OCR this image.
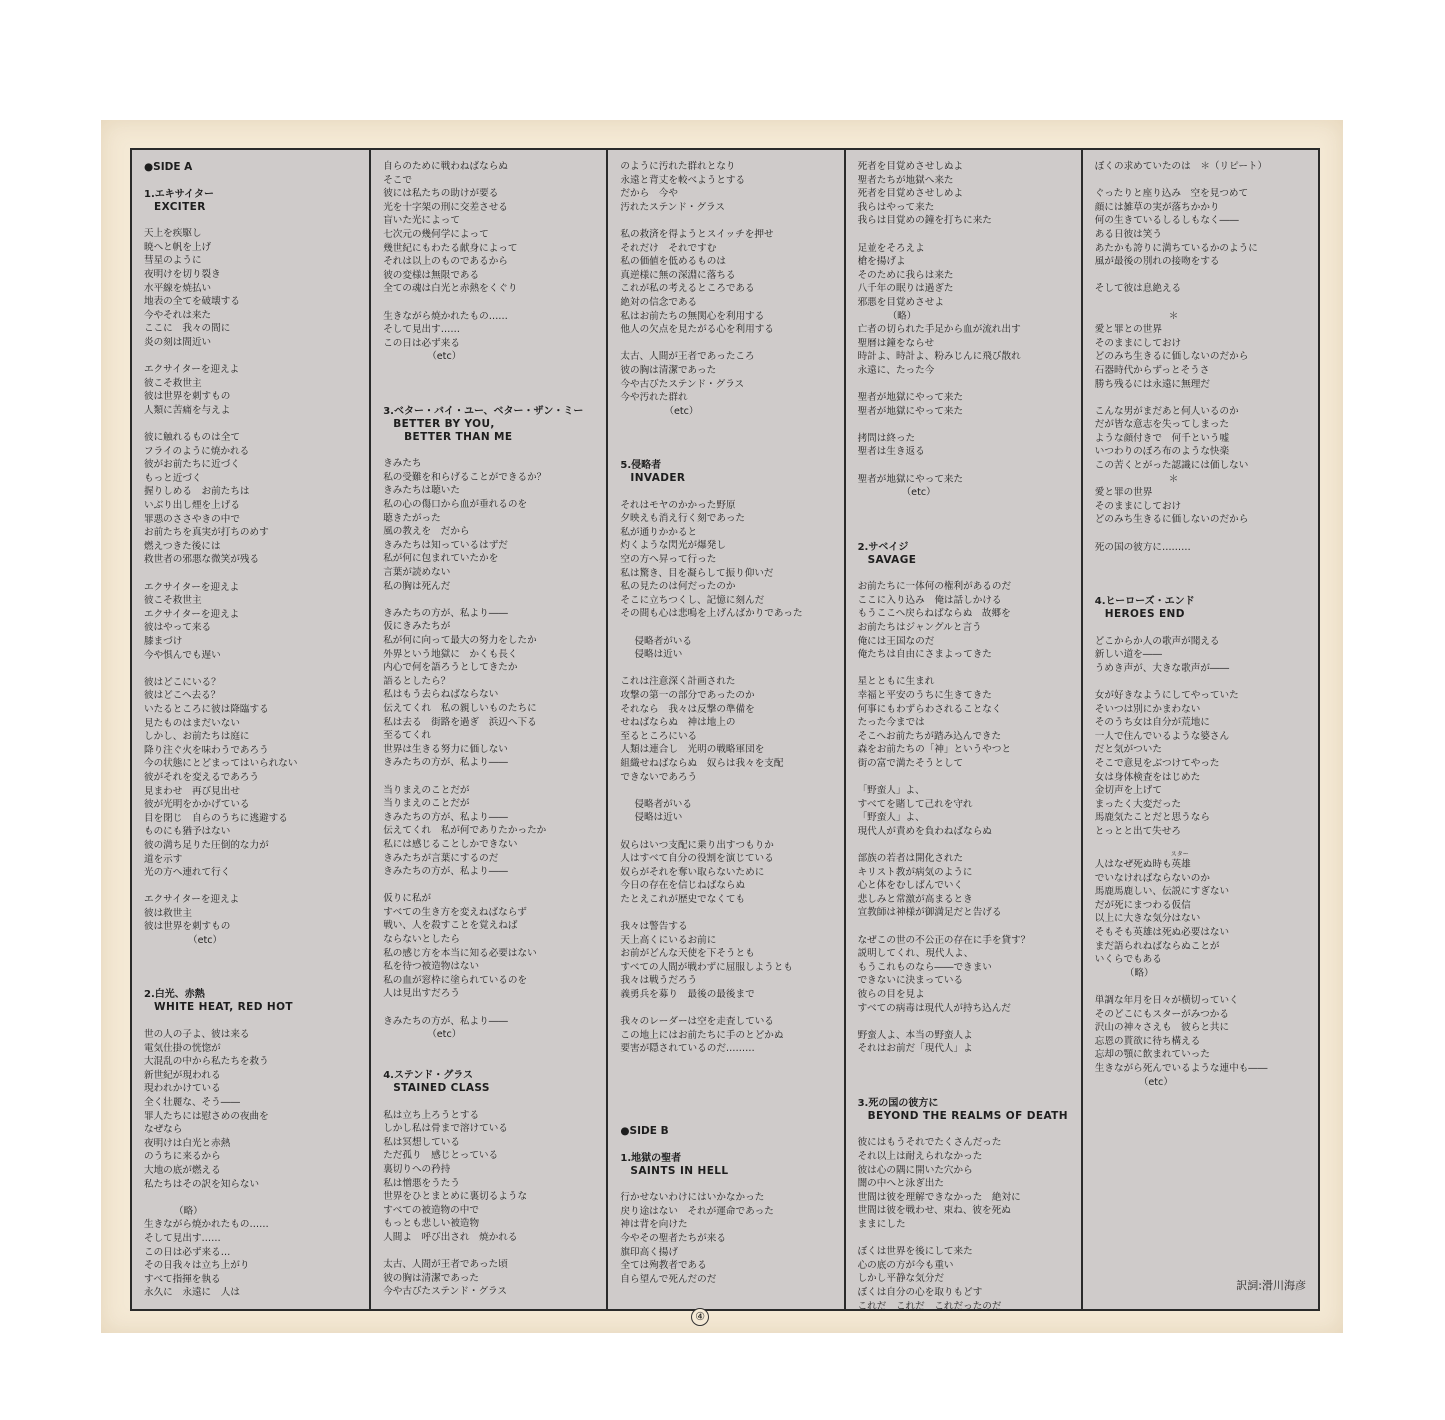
●SIDE A
1.エキサイター
EXCITER
天上を疾駆し
暁へと帆を上げ
彗星のように
夜明けを切り裂き
水平線を焼払い
地表の全てを破壊する
今やそれは来た
ここに　我々の間に
炎の刻は間近い
エクサイターを迎えよ
彼こそ救世主
彼は世界を刺すもの
人類に苦痛を与えよ
彼に触れるものは全て
フライのように焼かれる
彼がお前たちに近づく
もっと近づく
握りしめる　お前たちは
いぶり出し煙を上げる
罪悪のささやきの中で
お前たちを真実が打ちのめす
燃えつきた後には
救世者の邪悪な微笑が残る
エクサイターを迎えよ
彼こそ救世主
エクサイターを迎えよ
彼はやって来る
膝まづけ
今や惧んでも遅い
彼はどこにいる？
彼はどこへ去る？
いたるところに彼は降臨する
見たものはまだいない
しかし、お前たちは庭に
降り注ぐ火を味わうであろう
今の状態にとどまってはいられない
彼がそれを変えるであろう
見まわせ　再び見出せ
彼が光明をかかげている
目を閉じ　自らのうちに逃避する
ものにも猶予はない
彼の満ち足りた圧倒的な力が
道を示す
光の方へ連れて行く
エクサイターを迎えよ
彼は救世主
彼は世界を刺すもの
（etc）
2.白光、赤熱
WHITE HEAT, RED HOT
世の人の子よ、彼は来る
電気仕掛の恍惚が
大混乱の中から私たちを救う
新世紀が現われる
現われかけている
全く壮麗な、そう――
罪人たちには慰さめの夜曲を
なぜなら
夜明けは白光と赤熱
のうちに来るから
大地の底が燃える
私たちはその訳を知らない
（略）
生きながら焼かれたもの……
そして見出す……
この日は必ず来る…
その日我々は立ち上がり
すべて指揮を執る
永久に　永遠に　人は
自らのために戦わねばならぬ
そこで
彼には私たちの助けが要る
光を十字架の刑に交差させる
盲いた光によって
七次元の幾何学によって
幾世紀にもわたる献身によって
それは以上のものであるから
彼の変様は無限である
全ての魂は白光と赤熱をくぐり
生きながら焼かれたもの……
そして見出す……
この日は必ず来る
（etc）
3.ベター・バイ・ユー、ベター・ザン・ミー
BETTER BY YOU,
　BETTER THAN ME
きみたち
私の受難を和らげることができるか？
きみたちは聴いた
私の心の傷口から血が垂れるのを
聴きたがった
風の教えを　だから
きみたちは知っているはずだ
私が何に包まれていたかを
言葉が読めない
私の胸は死んだ
きみたちの方が、私より――
仮にきみたちが
私が何に向って最大の努力をしたか
外界という地獄に　かくも長く
内心で何を語ろうとしてきたか
語るとしたら？
私はもう去らねばならない
伝えてくれ　私の親しいものたちに
私は去る　街路を過ぎ　浜辺へ下る
至るてくれ
世界は生きる努力に価しない
きみたちの方が、私より――
当りまえのことだが
当りまえのことだが
きみたちの方が、私より――
伝えてくれ　私が何でありたかったか
私には感じることしかできない
きみたちが言葉にするのだ
きみたちの方が、私より――
仮りに私が
すべての生き方を変えねばならず
戦い、人を殺すことを覚えねば
ならないとしたら
私の感じ方を本当に知る必要はない
私を待つ被造物はない
私の血が窓枠に塗られているのを
人は見出すだろう
きみたちの方が、私より――
（etc）
4.ステンド・グラス
STAINED CLASS
私は立ち上ろうとする
しかし私は骨まで溶けている
私は冥想している
ただ孤り　感じとっている
裏切りへの矜持
私は憎悪をうたう
世界をひとまとめに裏切るような
すべての被造物の中で
もっとも悲しい被造物
人間よ　呼び出され　焼かれる
太古、人間が王者であった頃
彼の胸は清潔であった
今や古びたステンド・グラス
のように汚れた群れとなり
永遠と背丈を較べようとする
だから　今や
汚れたステンド・グラス
私の救済を得ようとスイッチを押せ
それだけ　それですむ
私の価値を低めるものは
真逆様に無の深淵に落ちる
これが私の考えるところである
絶対の信念である
私はお前たちの無関心を利用する
他人の欠点を見たがる心を利用する
太古、人間が王者であったころ
彼の胸は清潔であった
今や古びたステンド・グラス
今や汚れた群れ
（etc）
5.侵略者
INVADER
それはモヤのかかった野原
夕映えも消え行く刻であった
私が通りかかると
灼くような閃光が爆発し
空の方へ昇って行った
私は驚き、目を凝らして振り仰いだ
私の見たのは何だったのか
そこに立ちつくし、記憶に刻んだ
その間も心は悲鳴を上げんばかりであった
侵略者がいる
侵略は近い
これは注意深く計画された
攻撃の第一の部分であったのか
それなら　我々は反撃の準備を
せねばならぬ　神は地上の
至るところにいる
人類は連合し　光明の戦略軍団を
組織せねばならぬ　奴らは我々を支配
できないであろう
侵略者がいる
侵略は近い
奴らはいつ支配に乗り出すつもりか
人はすべて自分の役割を演じている
奴らがそれを奪い取らないために
今日の存在を信じねばならぬ
たとえこれが歴史でなくても
我々は警告する
天上高くにいるお前に
お前がどんな天使を下そうとも
すべての人間が戦わずに屈服しようとも
我々は戦うだろう
義勇兵を募り　最後の最後まで
我々のレーダーは空を走査している
この地上にはお前たちに手のとどかぬ
要害が隠されているのだ………
●SIDE B
1.地獄の聖者
SAINTS IN HELL
行かせないわけにはいかなかった
戻り途はない　それが運命であった
神は背を向けた
今やその聖者たちが来る
旗印高く揚げ
全ては殉教者である
自ら望んで死んだのだ
死者を目覚めさせしぬよ
聖者たちが地獄へ来た
死者を目覚めさせしめよ
我らはやって来た
我らは目覚めの鐘を打ちに来た
足並をそろえよ
槍を揚げよ
そのために我らは来た
八千年の眠りは過ぎた
邪悪を目覚めさせよ
（略）
亡者の切られた手足から血が流れ出す
聖暦は鐘をならせ
時計よ、時計よ、粉みじんに飛び散れ
永遠に、たった今
聖者が地獄にやって来た
聖者が地獄にやって来た
拷問は終った
聖者は生き返る
聖者が地獄にやって来た
（etc）
2.サベイジ
SAVAGE
お前たちに一体何の権利があるのだ
ここに入り込み　俺は話しかける
もうここへ戻らねばならぬ　故郷を
お前たちはジャングルと言う
俺には王国なのだ
俺たちは自由にさまよってきた
星とともに生まれ
幸福と平安のうちに生きてきた
何事にもわずらわされることなく
たった今までは
そこへお前たちが踏み込んできた
森をお前たちの「神」というやつと
街の富で満たそうとして
「野蛮人」よ、
すべてを賭して己れを守れ
「野蛮人」よ、
現代人が責めを負わねばならぬ
部族の若者は開化された
キリスト教が病気のように
心と体をむしばんでいく
悲しみと常激が高まるとき
宣教師は神様が御満足だと告げる
なぜこの世の不公正の存在に手を貸す？
説明してくれ、現代人よ、
もうこれものなら――できまい
できないに決まっている
彼らの目を見よ
すべての病毒は現代人が持ち込んだ
野蛮人よ、本当の野蛮人よ
それはお前だ「現代人」よ
3.死の国の彼方に
BEYOND THE REALMS OF DEATH
彼にはもうそれでたくさんだった
それ以上は耐えられなかった
彼は心の隅に開いた穴から
闇の中へと泳ぎ出た
世間は彼を理解できなかった　絶対に
世間は彼を戦わせ、束ね、彼を死ぬ
ままにした
ぼくは世界を後にして来た
心の底の方が今も重い
しかし平静な気分だ
ぼくは自分の心を取りもどす
これだ　これだ　これだったのだ
ぼくの求めていたのは　＊（リピート）
ぐったりと座り込み　空を見つめて
顔には雑草の実が落ちかかり
何の生きているしるしもなく――
ある日彼は笑う
あたかも誇りに満ちているかのように
風が最後の別れの接吻をする
そして彼は息絶える
＊
愛と罪との世界
そのままにしておけ
どのみち生きるに価しないのだから
石器時代からずっとそうさ
勝ち残るには永遠に無理だ
こんな男がまだあと何人いるのか
だが皆な意志を失ってしまった
ような顔付きで　何千という嘘
いつわりのぼろ布のような快楽
この苦くとがった認識には価しない
＊
愛と罪の世界
そのままにしておけ
どのみち生きるに価しないのだから
死の国の彼方に………
4.ヒーローズ・エンド
HEROES END
どこからか人の歌声が聞える
新しい道を――
うめき声が、大きな歌声が――
女が好きなようにしてやっていた
そいつは別にかまわない
そのうち女は自分が荒地に
一人で住んでいるような婆さん
だと気がついた
そこで意見をぶつけてやった
女は身体検査をはじめた
金切声を上げて
まったく大変だった
馬鹿気たことだと思うなら
とっとと出て失せろ
スター
人はなぜ死ぬ時も英雄
でいなければならないのか
馬鹿馬鹿しい、伝説にすぎない
だが死にまつわる仮信
以上に大きな気分はない
そもそも英雄は死ぬ必要はない
まだ語られねばならぬことが
いくらでもある
（略）
単調な年月を日々が横切っていく
そのどこにもスターがみつかる
沢山の神々さえも　彼らと共に
忘恩の貰欲に待ち構える
忘却の顎に飲まれていった
生きながら死んでいるような連中も――
（etc）
訳詞:滑川海彦
④
